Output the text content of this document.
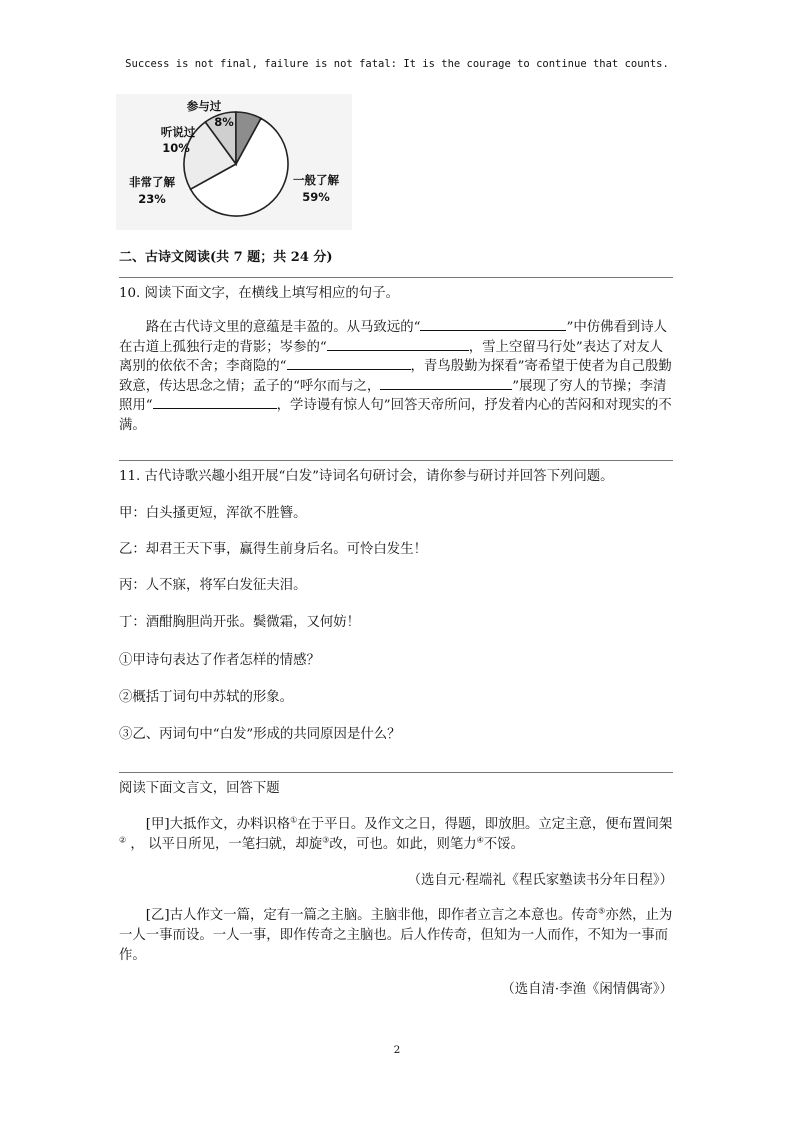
Success is not final, failure is not fatal: It is the courage to continue that counts.
参与过
8%
听说过
10%
非常了解
23%
一般了解
59%
二、古诗文阅读(共 7 题；共 24 分)
10. 阅读下面文字，在横线上填写相应的句子。
路在古代诗文里的意蕴是丰盈的。从马致远的“	”中仿佛看到诗人在古道上孤独行走的背影；岑参的“	，雪上空留马行处”表达了对友人离别的依依不舍；李商隐的“	，青鸟殷勤为探看”寄希望于使者为自己殷勤致意，传达思念之情；孟子的“呼尔而与之，	”展现了穷人的节操；李清照用“	，学诗谩有惊人句”回答天帝所问，抒发着内心的苦闷和对现实的不满。
11. 古代诗歌兴趣小组开展“白发”诗词名句研讨会，请你参与研讨并回答下列问题。
甲：白头搔更短，浑欲不胜簪。
乙：却君王天下事，赢得生前身后名。可怜白发生！
丙：人不寐，将军白发征夫泪。
丁：酒酣胸胆尚开张。鬓微霜，又何妨！
①甲诗句表达了作者怎样的情感？
②概括丁词句中苏轼的形象。
③乙、丙词句中“白发”形成的共同原因是什么？
阅读下面文言文，回答下题
[甲]大抵作文，办料识格①在于平日。及作文之日，得题，即放胆。立定主意，便布置间架② ， 以平日所见，一笔扫就，却旋③改，可也。如此，则笔力④不馁。
（选自元·程端礼《程氏家塾读书分年日程》）
[乙]古人作文一篇，定有一篇之主脑。主脑非他，即作者立言之本意也。传奇⑤亦然，止为一人一事而设。一人一事，即作传奇之主脑也。后人作传奇，但知为一人而作，不知为一事而作。
（选自清·李渔《闲情偶寄》）
2
